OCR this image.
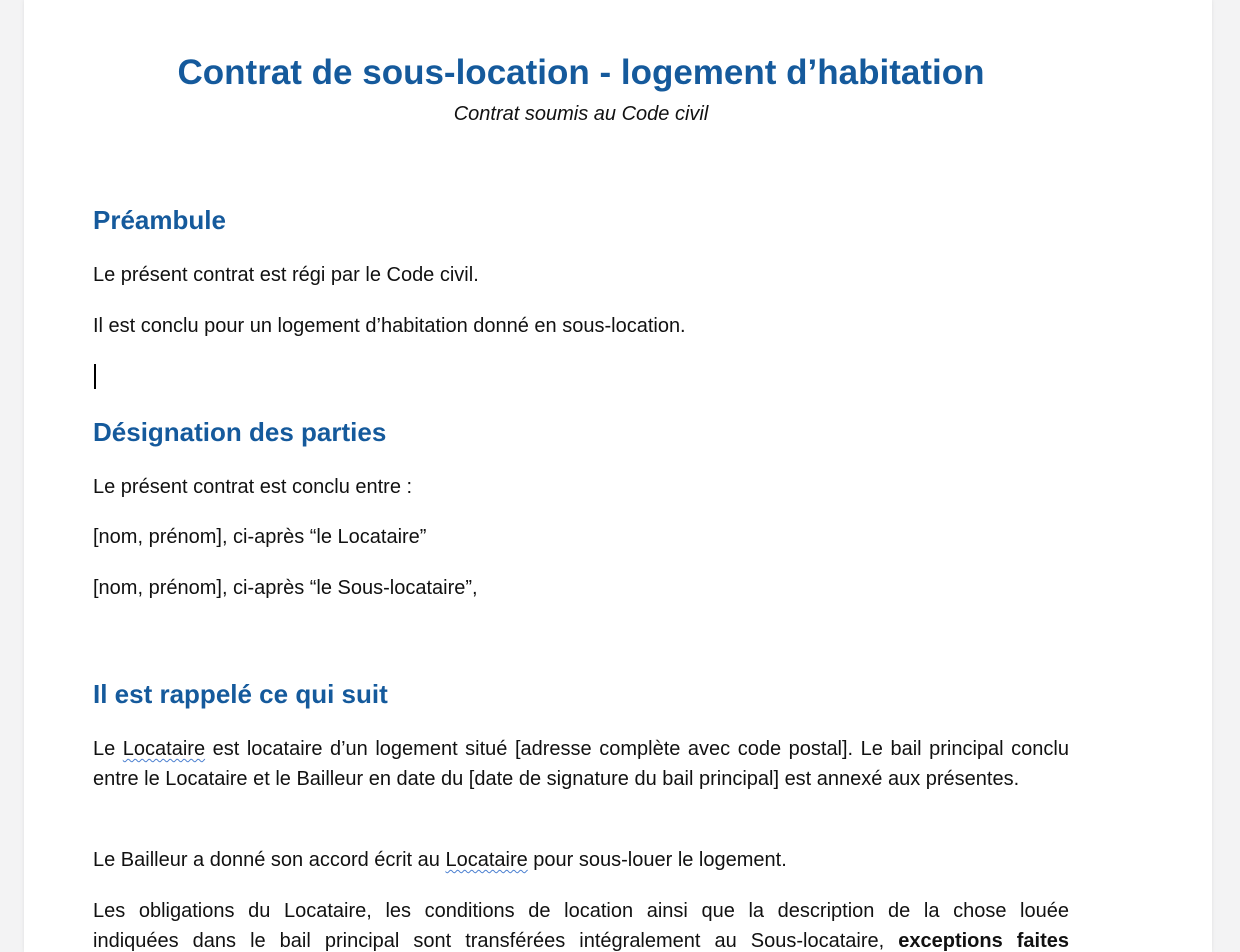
Contrat de sous-location - logement d’habitation

Contrat soumis au Code civil

Préambule

Le présent contrat est régi par le Code civil.

Il est conclu pour un logement d’habitation donné en sous-location.

Désignation des parties

Le présent contrat est conclu entre :

[nom, prénom], ci-après “le Locataire”

[nom, prénom], ci-après “le Sous-locataire”,

Il est rappelé ce qui suit

Le Locataire est locataire d’un logement situé [adresse complète avec code postal]. Le bail principal conclu entre le Locataire et le Bailleur en date du [date de signature du bail principal] est annexé aux présentes.

Le Bailleur a donné son accord écrit au Locataire pour sous-louer le logement.

Les obligations du Locataire, les conditions de location ainsi que la description de la chose louée

indiquées dans le bail principal sont transférées intégralement au Sous-locataire, exceptions faites
